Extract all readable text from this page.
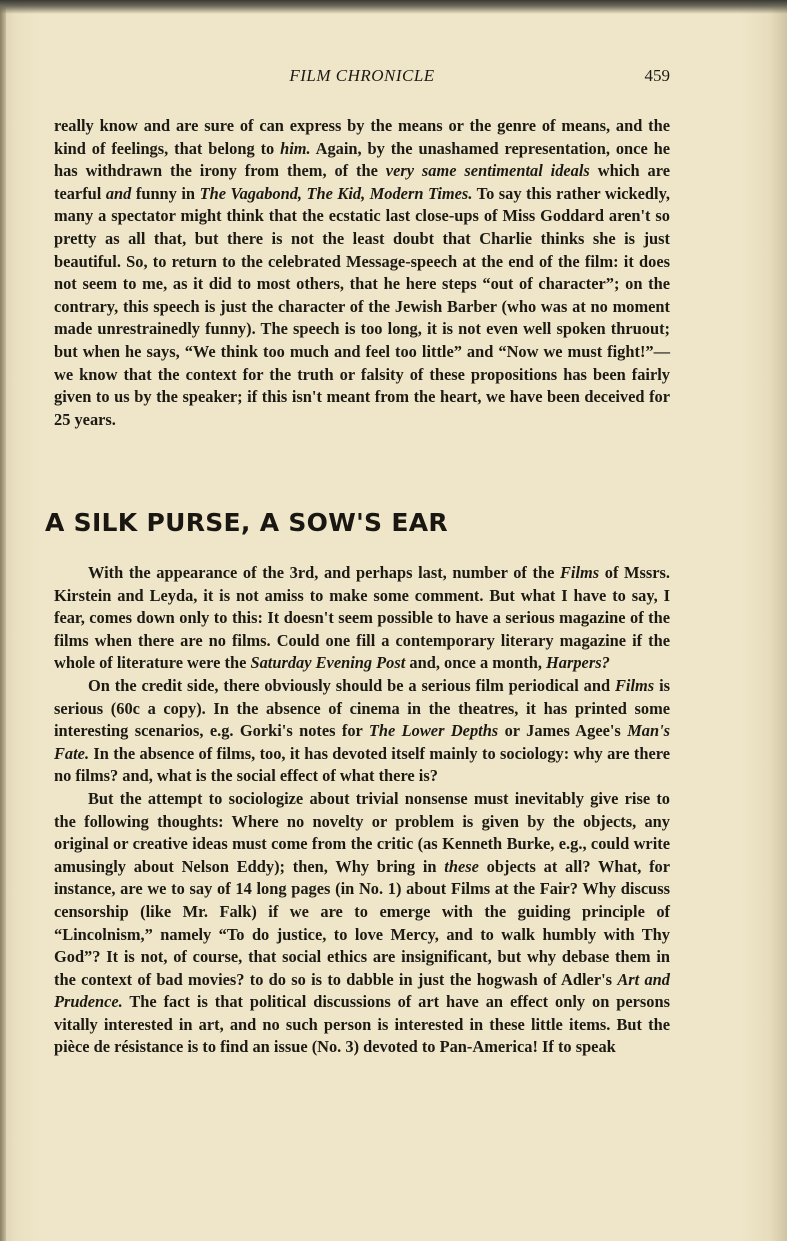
FILM CHRONICLE	459

really know and are sure of can express by the means or the genre of means, and the kind of feelings, that belong to him. Again, by the unashamed representation, once he has withdrawn the irony from them, of the very same sentimental ideals which are tearful and funny in The Vagabond, The Kid, Modern Times. To say this rather wickedly, many a spectator might think that the ecstatic last close-ups of Miss Goddard aren't so pretty as all that, but there is not the least doubt that Charlie thinks she is just beautiful. So, to return to the celebrated Message-speech at the end of the film: it does not seem to me, as it did to most others, that he here steps “out of character”; on the contrary, this speech is just the character of the Jewish Barber (who was at no moment made unrestrainedly funny). The speech is too long, it is not even well spoken thruout; but when he says, “We think too much and feel too little” and “Now we must fight!”—we know that the context for the truth or falsity of these propositions has been fairly given to us by the speaker; if this isn't meant from the heart, we have been deceived for 25 years.

A SILK PURSE, A SOW'S EAR

With the appearance of the 3rd, and perhaps last, number of the Films of Mssrs. Kirstein and Leyda, it is not amiss to make some comment. But what I have to say, I fear, comes down only to this: It doesn't seem possible to have a serious magazine of the films when there are no films. Could one fill a contemporary literary magazine if the whole of literature were the Saturday Evening Post and, once a month, Harpers?

On the credit side, there obviously should be a serious film periodical and Films is serious (60c a copy). In the absence of cinema in the theatres, it has printed some interesting scenarios, e.g. Gorki's notes for The Lower Depths or James Agee's Man's Fate. In the absence of films, too, it has devoted itself mainly to sociology: why are there no films? and, what is the social effect of what there is?

But the attempt to sociologize about trivial nonsense must inevitably give rise to the following thoughts: Where no novelty or problem is given by the objects, any original or creative ideas must come from the critic (as Kenneth Burke, e.g., could write amusingly about Nelson Eddy); then, Why bring in these objects at all? What, for instance, are we to say of 14 long pages (in No. 1) about Films at the Fair? Why discuss censorship (like Mr. Falk) if we are to emerge with the guiding principle of “Lincolnism,” namely “To do justice, to love Mercy, and to walk humbly with Thy God”? It is not, of course, that social ethics are insignificant, but why debase them in the context of bad movies? to do so is to dabble in just the hogwash of Adler's Art and Prudence. The fact is that political discussions of art have an effect only on persons vitally interested in art, and no such person is interested in these little items. But the pièce de résistance is to find an issue (No. 3) devoted to Pan-America! If to speak
